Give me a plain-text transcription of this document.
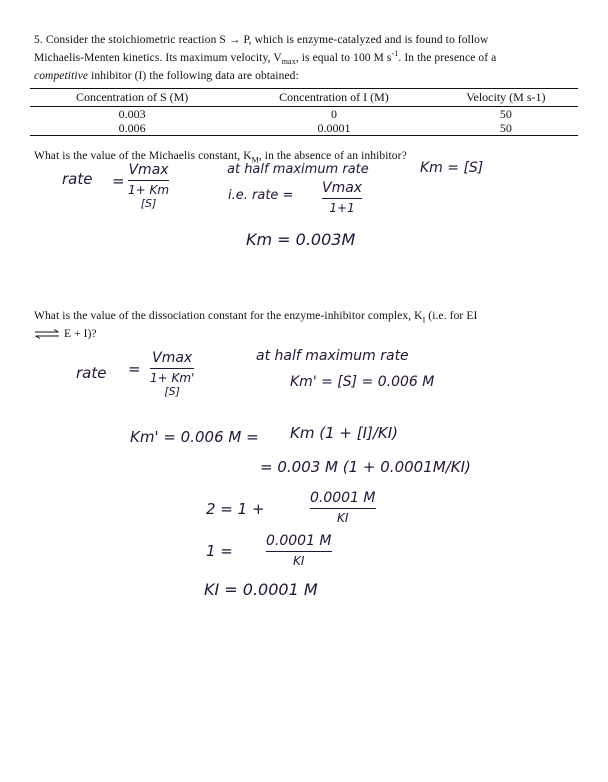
5. Consider the stoichiometric reaction S → P, which is enzyme-catalyzed and is found to follow
Michaelis-Menten kinetics. Its maximum velocity, $V_{max}$, is equal to 100 M $s^{-1}$. In the presence of a
competitive inhibitor (I) the following data are obtained:
Concentration of S (M)	Concentration of I (M)	Velocity (M s-1)
0.003	0	50
0.006	0.0001	50
What is the value of the Michaelis constant, $K_M$, in the absence of an inhibitor?
rate =
Vmax
1+ Km
[S]
at half maximum rate	Km = [S]
i.e. rate = Vmax
1+1
Km = 0.003M
What is the value of the dissociation constant for the enzyme-inhibitor complex, $K_I$ (i.e. for EI
⇌ E + I)?
rate =
Vmax
1+ Km'
[S]
at half maximum rate
Km' = [S] = 0.006 M
Km' = 0.006 M = Km (1 + [I]/KI)
= 0.003 M (1 + 0.0001M/KI)
2 = 1 +
0.0001 M
KI
1 =
0.0001 M
KI
KI = 0.0001 M
